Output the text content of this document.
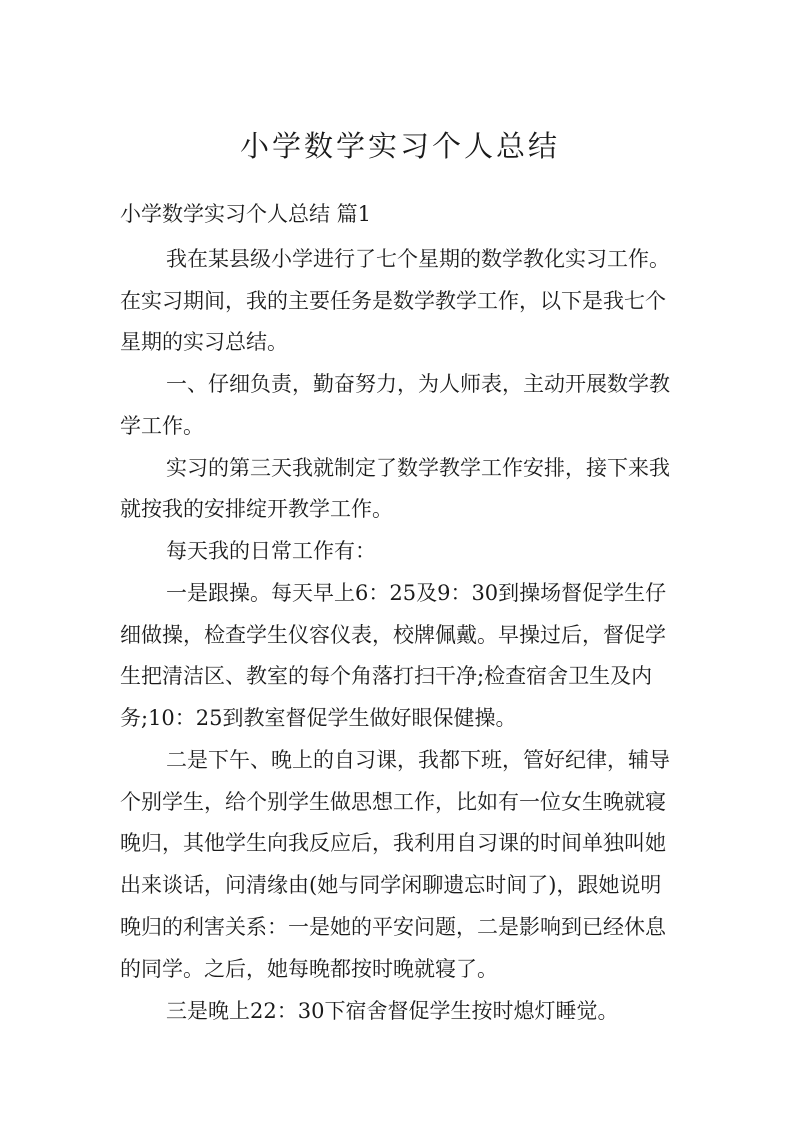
小学数学实习个人总结

小学数学实习个人总结 篇1

我在某县级小学进行了七个星期的数学教化实习工作。

在实习期间，我的主要任务是数学教学工作，以下是我七个

星期的实习总结。

一、仔细负责，勤奋努力，为人师表，主动开展数学教

学工作。

实习的第三天我就制定了数学教学工作安排，接下来我

就按我的安排绽开教学工作。

每天我的日常工作有：

一是跟操。每天早上6：25及9：30到操场督促学生仔

细做操，检查学生仪容仪表，校牌佩戴。早操过后，督促学

生把清洁区、教室的每个角落打扫干净;检查宿舍卫生及内

务;10：25到教室督促学生做好眼保健操。

二是下午、晚上的自习课，我都下班，管好纪律，辅导

个别学生，给个别学生做思想工作，比如有一位女生晚就寝

晚归，其他学生向我反应后，我利用自习课的时间单独叫她

出来谈话，问清缘由(她与同学闲聊遗忘时间了)，跟她说明

晚归的利害关系：一是她的平安问题，二是影响到已经休息

的同学。之后，她每晚都按时晚就寝了。

三是晚上22：30下宿舍督促学生按时熄灯睡觉。
